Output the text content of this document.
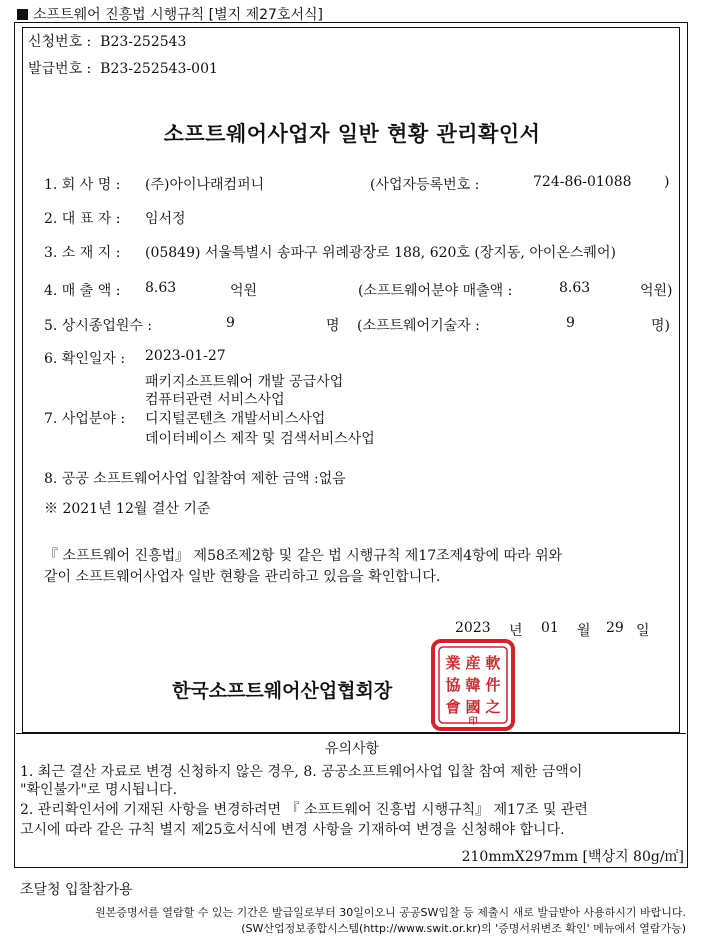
소프트웨어 진흥법 시행규칙 [별지 제27호서식]
신청번호 : B23-252543
발급번호 : B23-252543-001
소프트웨어사업자 일반 현황 관리확인서
1. 회 사 명 : (주)아이나래컴퍼니	(사업자등록번호 :	724-86-01088 )
2. 대 표 자 : 임서정
3. 소 재 지 : (05849) 서울특별시 송파구 위례광장로 188, 620호 (장지동, 아이온스퀘어)
4. 매 출 액 : 8.63	억원	(소프트웨어분야 매출액 :	8.63	억원)
5. 상시종업원수 :	9	명 (소프트웨어기술자 :	9	명)
6. 확인일자 : 2023-01-27
패키지소프트웨어 개발 공급사업
컴퓨터관련 서비스사업
7. 사업분야 : 디지털콘텐츠 개발서비스사업
데이터베이스 제작 및 검색서비스사업
8. 공공 소프트웨어사업 입찰참여 제한 금액 :없음
※ 2021년 12월 결산 기준
『 소프트웨어 진흥법』 제58조제2항 및 같은 법 시행규칙 제17조제4항에 따라 위와
같이 소프트웨어사업자 일반 현황을 관리하고 있음을 확인합니다.
2023 년 01 월 29 일
한국소프트웨어산업협회장
業
協
會
産
韓
國
軟
件
之
印
유의사항
1. 최근 결산 자료로 변경 신청하지 않은 경우, 8. 공공소프트웨어사업 입찰 참여 제한 금액이
"확인불가"로 명시됩니다.
2. 관리확인서에 기재된 사항을 변경하려면 『 소프트웨어 진흥법 시행규칙』 제17조 및 관련
고시에 따라 같은 규칙 별지 제25호서식에 변경 사항을 기재하여 변경을 신청해야 합니다.
210mmX297mm [백상지 80g/㎡]
조달청 입찰참가용
원본증명서를 열람할 수 있는 기간은 발급일로부터 30일이오니 공공SW입찰 등 제출시 새로 발급받아 사용하시기 바랍니다.
(SW산업정보종합시스템(http://www.swit.or.kr)의 '증명서위변조 확인' 메뉴에서 열람가능)
